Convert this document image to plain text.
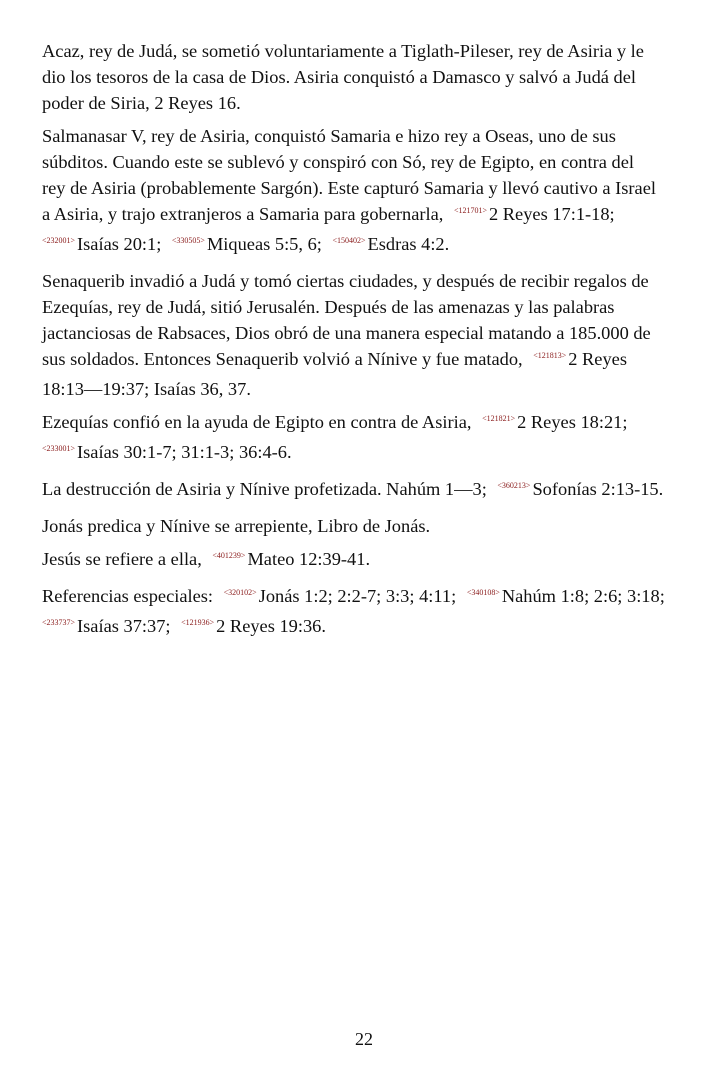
Acaz, rey de Judá, se sometió voluntariamente a Tiglath-Pileser, rey de Asiria y le
dio los tesoros de la casa de Dios. Asiria conquistó a Damasco y salvó a Judá del
poder de Siria, 2 Reyes 16.

Salmanasar V, rey de Asiria, conquistó Samaria e hizo rey a Oseas, uno de sus
súbditos. Cuando este se sublevó y conspiró con Só, rey de Egipto, en contra del
rey de Asiria (probablemente Sargón). Este capturó Samaria y llevó cautivo a Israel
a Asiria, y trajo extranjeros a Samaria para gobernarla, $^{<121701>}$ 2 Reyes 17:1-18;
$^{<232001>}$ Isaías 20:1; $^{<330505>}$ Miqueas 5:5, 6; $^{<150402>}$ Esdras 4:2.

Senaquerib invadió a Judá y tomó ciertas ciudades, y después de recibir regalos de
Ezequías, rey de Judá, sitió Jerusalén. Después de las amenazas y las palabras
jactanciosas de Rabsaces, Dios obró de una manera especial matando a 185.000 de
sus soldados. Entonces Senaquerib volvió a Nínive y fue matado, $^{<121813>}$ 2 Reyes
18:13—19:37; Isaías 36, 37.

Ezequías confió en la ayuda de Egipto en contra de Asiria, $^{<121821>}$ 2 Reyes 18:21;
$^{<233001>}$ Isaías 30:1-7; 31:1-3; 36:4-6.

La destrucción de Asiria y Nínive profetizada. Nahúm 1—3; $^{<360213>}$ Sofonías 2:13-15.

Jonás predica y Nínive se arrepiente, Libro de Jonás.

Jesús se refiere a ella, $^{<401239>}$ Mateo 12:39-41.

Referencias especiales: $^{<320102>}$ Jonás 1:2; 2:2-7; 3:3; 4:11; $^{<340108>}$ Nahúm 1:8; 2:6; 3:18;
$^{<233737>}$ Isaías 37:37; $^{<121936>}$ 2 Reyes 19:36.

22
